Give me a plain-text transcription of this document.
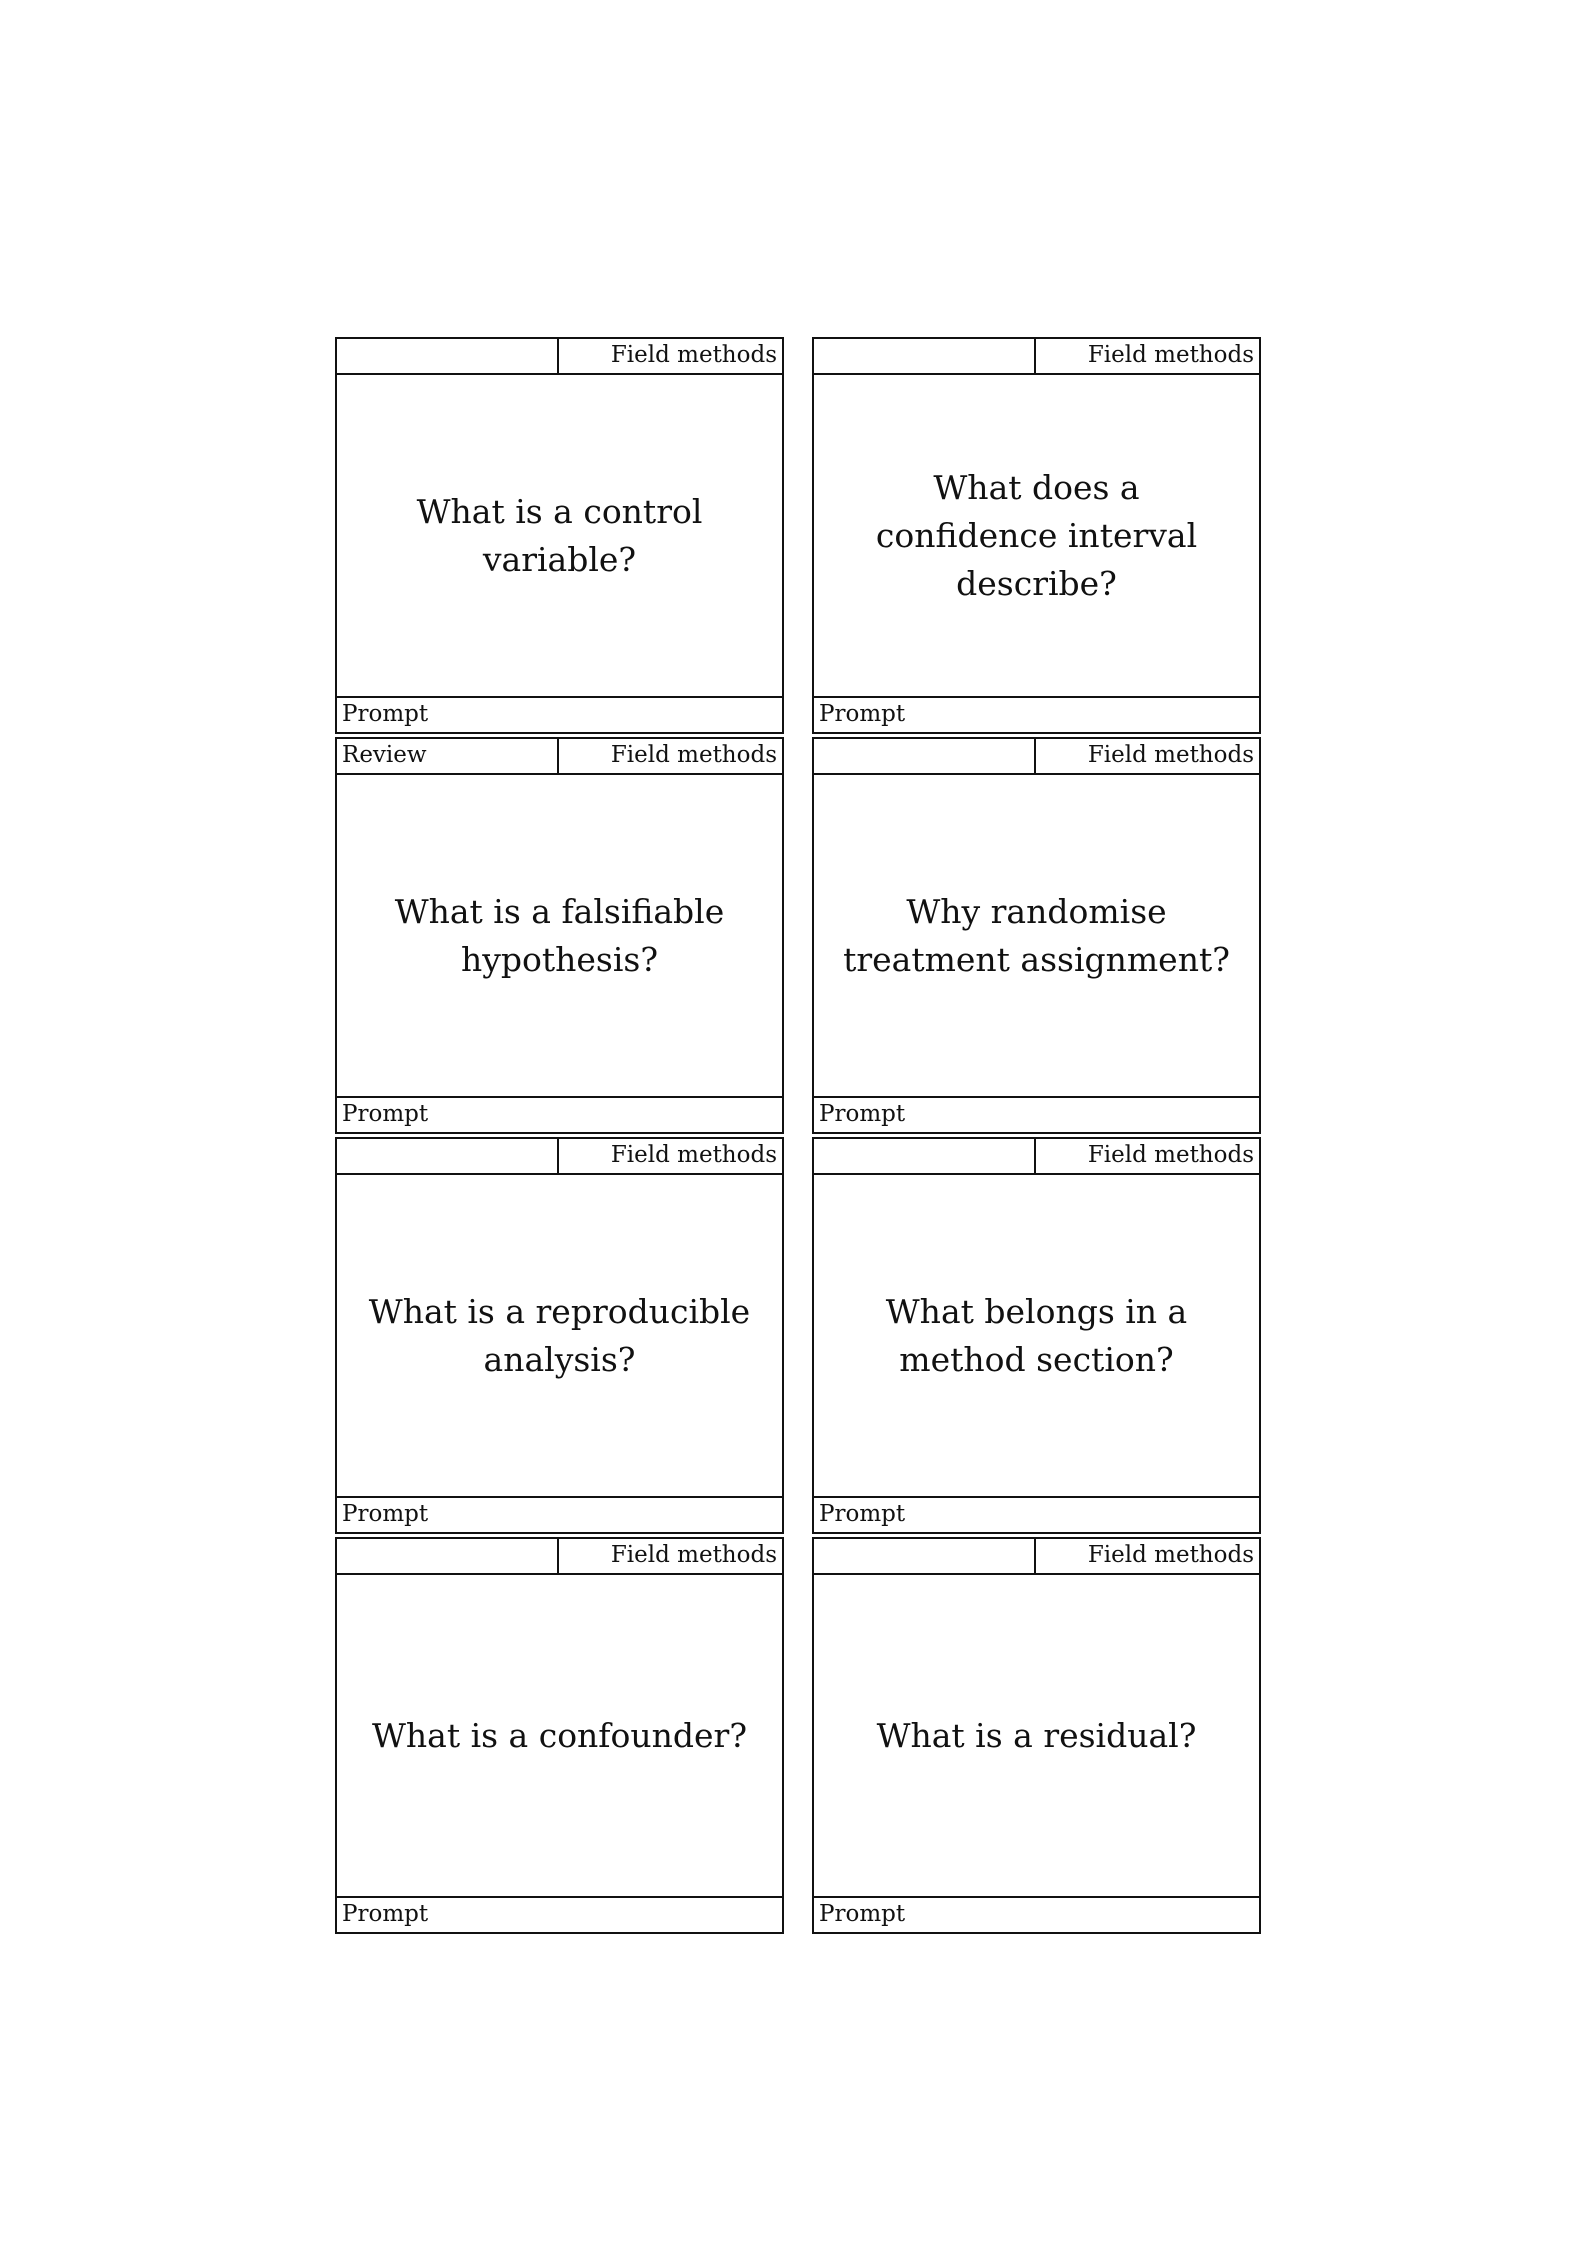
Field methods
What is a control variable?
Prompt
Field methods
What does a confidence interval describe?
Prompt
Review	Field methods
What is a falsifiable hypothesis?
Prompt
Field methods
Why randomise treatment assignment?
Prompt
Field methods
What is a reproducible analysis?
Prompt
Field methods
What belongs in a method section?
Prompt
Field methods
What is a confounder?
Prompt
Field methods
What is a residual?
Prompt
